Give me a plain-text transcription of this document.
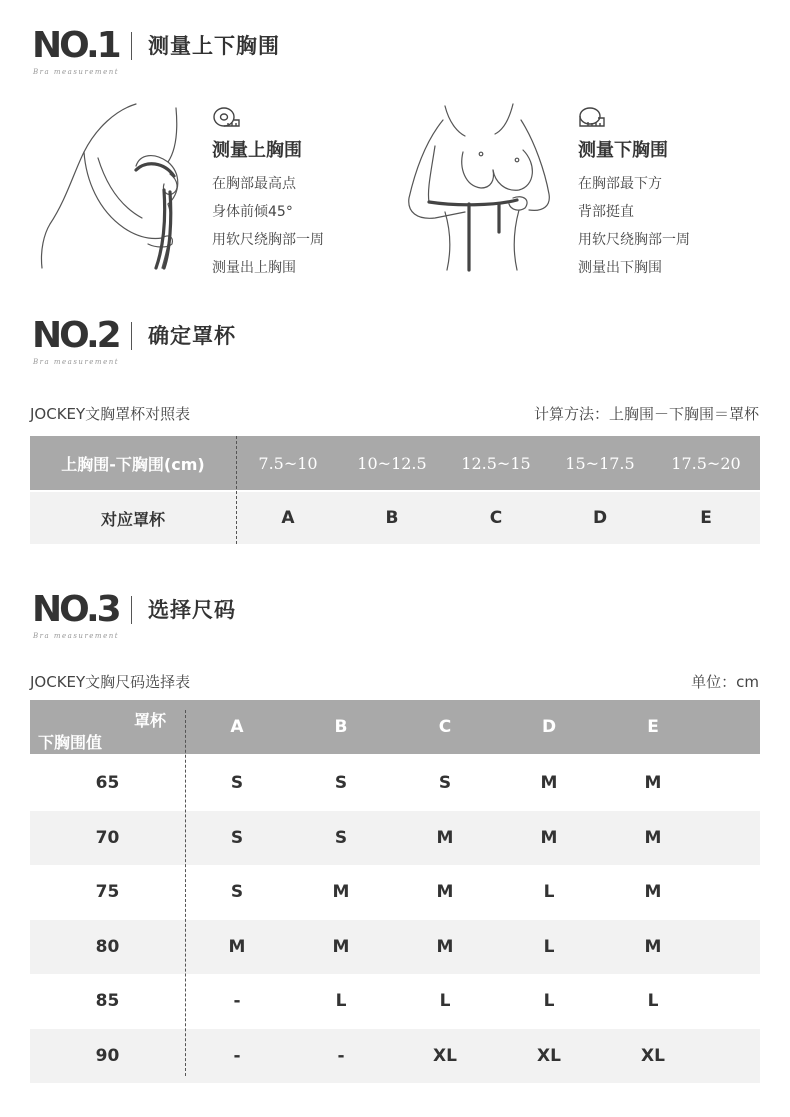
NO.1 测量上下胸围
Bra measurement
测量上胸围
在胸部最高点
身体前倾45°
用软尺绕胸部一周
测量出上胸围
测量下胸围
在胸部最下方
背部挺直
用软尺绕胸部一周
测量出下胸围
NO.2 确定罩杯
Bra measurement
JOCKEY文胸罩杯对照表	计算方法：上胸围－下胸围＝罩杯
上胸围-下胸围(cm)	7.5~10	10~12.5	12.5~15	15~17.5	17.5~20
对应罩杯	A	B	C	D	E
NO.3 选择尺码
Bra measurement
JOCKEY文胸尺码选择表	单位：cm
罩杯
下胸围值
A	B	C	D	E
65	S	S	S	M	M
70	S	S	M	M	M
75	S	M	M	L	M
80	M	M	M	L	M
85	-	L	L	L	L
90	-	-	XL	XL	XL
